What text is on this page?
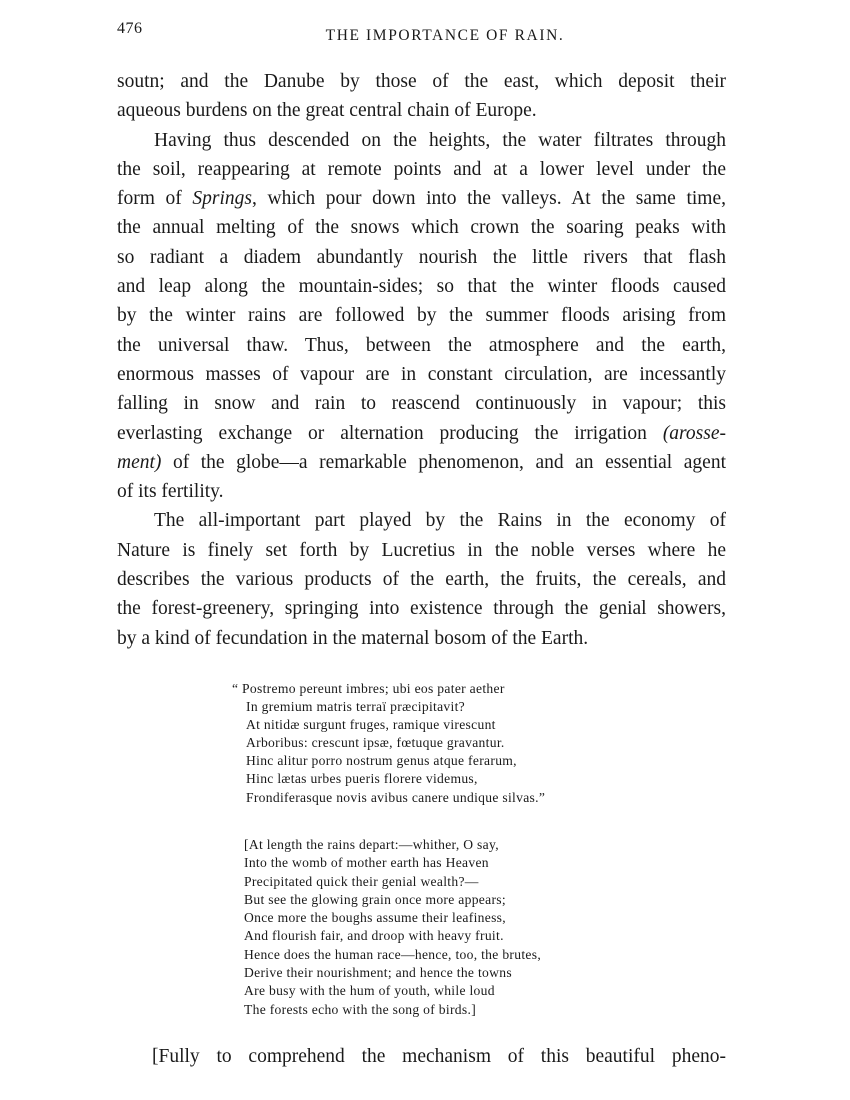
476	THE IMPORTANCE OF RAIN.
soutn; and the Danube by those of the east, which deposit their
aqueous burdens on the great central chain of Europe.
Having thus descended on the heights, the water filtrates through
the soil, reappearing at remote points and at a lower level under the
form of Springs, which pour down into the valleys. At the same time,
the annual melting of the snows which crown the soaring peaks with
so radiant a diadem abundantly nourish the little rivers that flash
and leap along the mountain-sides; so that the winter floods caused
by the winter rains are followed by the summer floods arising from
the universal thaw. Thus, between the atmosphere and the earth,
enormous masses of vapour are in constant circulation, are incessantly
falling in snow and rain to reascend continuously in vapour; this
everlasting exchange or alternation producing the irrigation (arosse-
ment) of the globe—a remarkable phenomenon, and an essential agent
of its fertility.
The all-important part played by the Rains in the economy of
Nature is finely set forth by Lucretius in the noble verses where he
describes the various products of the earth, the fruits, the cereals, and
the forest-greenery, springing into existence through the genial showers,
by a kind of fecundation in the maternal bosom of the Earth.
“ Postremo pereunt imbres; ubi eos pater aether
In gremium matris terraï præcipitavit?
At nitidæ surgunt fruges, ramique virescunt
Arboribus: crescunt ipsæ, fœtuque gravantur.
Hinc alitur porro nostrum genus atque ferarum,
Hinc lætas urbes pueris florere videmus,
Frondiferasque novis avibus canere undique silvas.”
[At length the rains depart:—whither, O say,
Into the womb of mother earth has Heaven
Precipitated quick their genial wealth?—
But see the glowing grain once more appears;
Once more the boughs assume their leafiness,
And flourish fair, and droop with heavy fruit.
Hence does the human race—hence, too, the brutes,
Derive their nourishment; and hence the towns
Are busy with the hum of youth, while loud
The forests echo with the song of birds.]
[Fully to comprehend the mechanism of this beautiful pheno-
